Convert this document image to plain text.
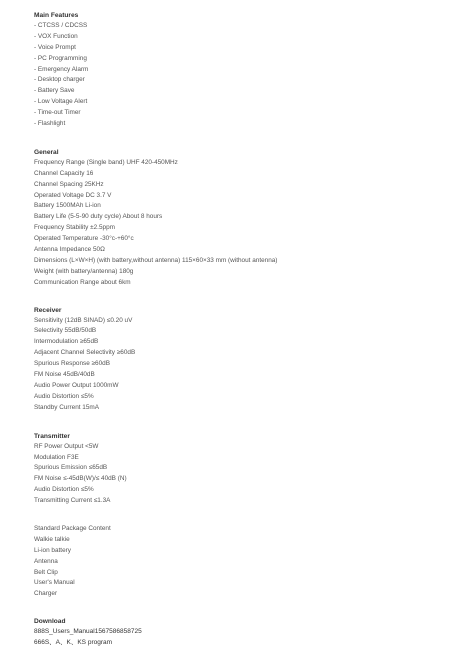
Main Features
- CTCSS / CDCSS
- VOX Function
- Voice Prompt
- PC Programming
- Emergency Alarm
- Desktop charger
- Battery Save
- Low Voltage Alert
- Time-out Timer
- Flashlight
General
Frequency Range (Single band) UHF 420-450MHz
Channel Capacity 16
Channel Spacing 25KHz
Operated Voltage DC 3.7 V
Battery 1500MAh Li-ion
Battery Life (5-5-90 duty cycle) About 8 hours
Frequency Stability ±2.5ppm
Operated Temperature -30°c-+60°c
Antenna Impedance 50Ω
Dimensions (L×W×H) (with battery,without antenna) 115×60×33 mm (without antenna)
Weight (with battery/antenna) 180g
Communication Range about 6km
Receiver
Sensitivity (12dB SINAD) ≤0.20 uV
Selectivity 55dB/50dB
Intermodulation ≥65dB
Adjacent Channel Selectivity ≥60dB
Spurious Response ≥60dB
FM Noise 45dB/40dB
Audio Power Output 1000mW
Audio Distortion ≤5%
Standby Current 15mA
Transmitter
RF Power Output <5W
Modulation F3E
Spurious Emission ≤65dB
FM Noise ≤-45dB(W)/≤ 40dB (N)
Audio Distortion ≤5%
Transmitting Current ≤1.3A
Standard Package Content
Walkie talkie
Li-ion battery
Antenna
Belt Clip
User's Manual
Charger
Download
888S_Users_Manual1567586858725
666S、A、K、KS program
